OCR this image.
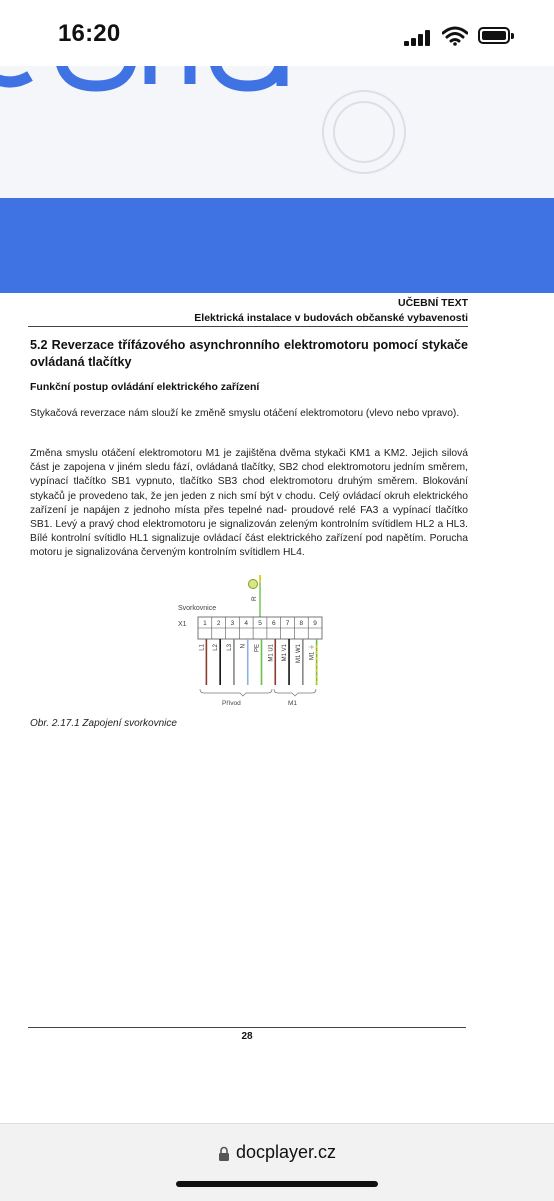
16:20
UČEBNÍ TEXT
Elektrická instalace v budovách občanské vybavenosti
5.2 Reverzace třífázového asynchronního elektromotoru pomocí stykače ovládaná tlačítky
Funkční postup ovládání elektrického zařízení
Stykačová reverzace nám slouží ke změně smyslu otáčení elektromotoru (vlevo nebo vpravo).
Změna smyslu otáčení elektromotoru M1 je zajištěna dvěma stykači KM1 a KM2. Jejich silová část je zapojena v jiném sledu fází, ovládaná tlačítky, SB2 chod elektromotoru jedním směrem, vypínací tlačítko SB1 vypnuto, tlačítko SB3 chod elektromotoru druhým směrem. Blokování stykačů je provedeno tak, že jen jeden z nich smí být v chodu. Celý ovládací okruh elektrického zařízení je napájen z jednoho místa přes tepelné nad- proudové relé FA3 a vypínací tlačítko SB1. Levý a pravý chod elektromotoru je signalizován zeleným kontrolním svítidlem HL2 a HL3. Bílé kontrolní svítidlo HL1 signalizuje ovládací část elektrického zařízení pod napětím. Porucha motoru je signalizována červeným kontrolním svítidlem HL4.
Svorkovnice
X1
R
1 2 3 4 5 6 7 8 9
L1 L2 L3 N PE M1 U1 M1 V1 M1 W1 M1 ⏚
Přívod	M1
Obr. 2.17.1 Zapojení svorkovnice
28
docplayer.cz
